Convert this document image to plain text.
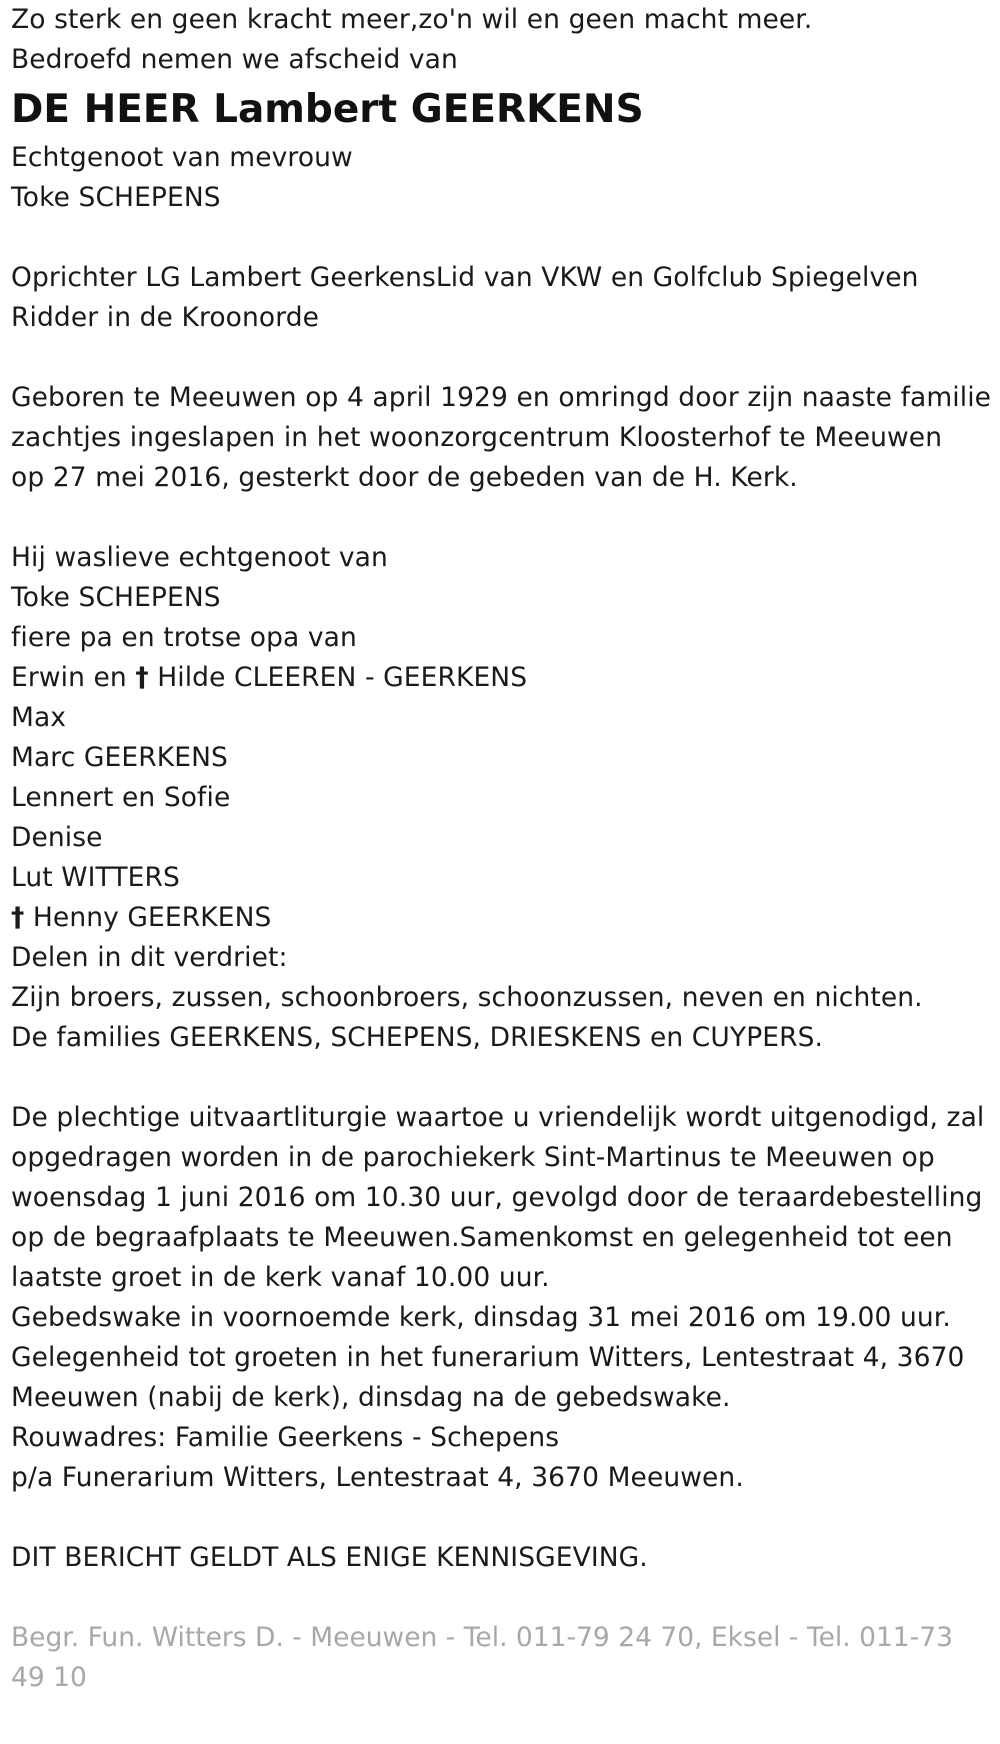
Zo sterk en geen kracht meer,zo'n wil en geen macht meer.
Bedroefd nemen we afscheid van
DE HEER Lambert GEERKENS
Echtgenoot van mevrouw
Toke SCHEPENS
Oprichter LG Lambert GeerkensLid van VKW en Golfclub Spiegelven
Ridder in de Kroonorde
Geboren te Meeuwen op 4 april 1929 en omringd door zijn naaste familie
zachtjes ingeslapen in het woonzorgcentrum Kloosterhof te Meeuwen
op 27 mei 2016, gesterkt door de gebeden van de H. Kerk.
Hij waslieve echtgenoot van
Toke SCHEPENS
fiere pa en trotse opa van
Erwin en † Hilde CLEEREN - GEERKENS
Max
Marc GEERKENS
Lennert en Sofie
Denise
Lut WITTERS
† Henny GEERKENS
Delen in dit verdriet:
Zijn broers, zussen, schoonbroers, schoonzussen, neven en nichten.
De families GEERKENS, SCHEPENS, DRIESKENS en CUYPERS.
De plechtige uitvaartliturgie waartoe u vriendelijk wordt uitgenodigd, zal
opgedragen worden in de parochiekerk Sint-Martinus te Meeuwen op
woensdag 1 juni 2016 om 10.30 uur, gevolgd door de teraardebestelling
op de begraafplaats te Meeuwen.Samenkomst en gelegenheid tot een
laatste groet in de kerk vanaf 10.00 uur.
Gebedswake in voornoemde kerk, dinsdag 31 mei 2016 om 19.00 uur.
Gelegenheid tot groeten in het funerarium Witters, Lentestraat 4, 3670
Meeuwen (nabij de kerk), dinsdag na de gebedswake.
Rouwadres: Familie Geerkens - Schepens
p/a Funerarium Witters, Lentestraat 4, 3670 Meeuwen.
DIT BERICHT GELDT ALS ENIGE KENNISGEVING.
Begr. Fun. Witters D. - Meeuwen - Tel. 011-79 24 70, Eksel - Tel. 011-73 49 10
